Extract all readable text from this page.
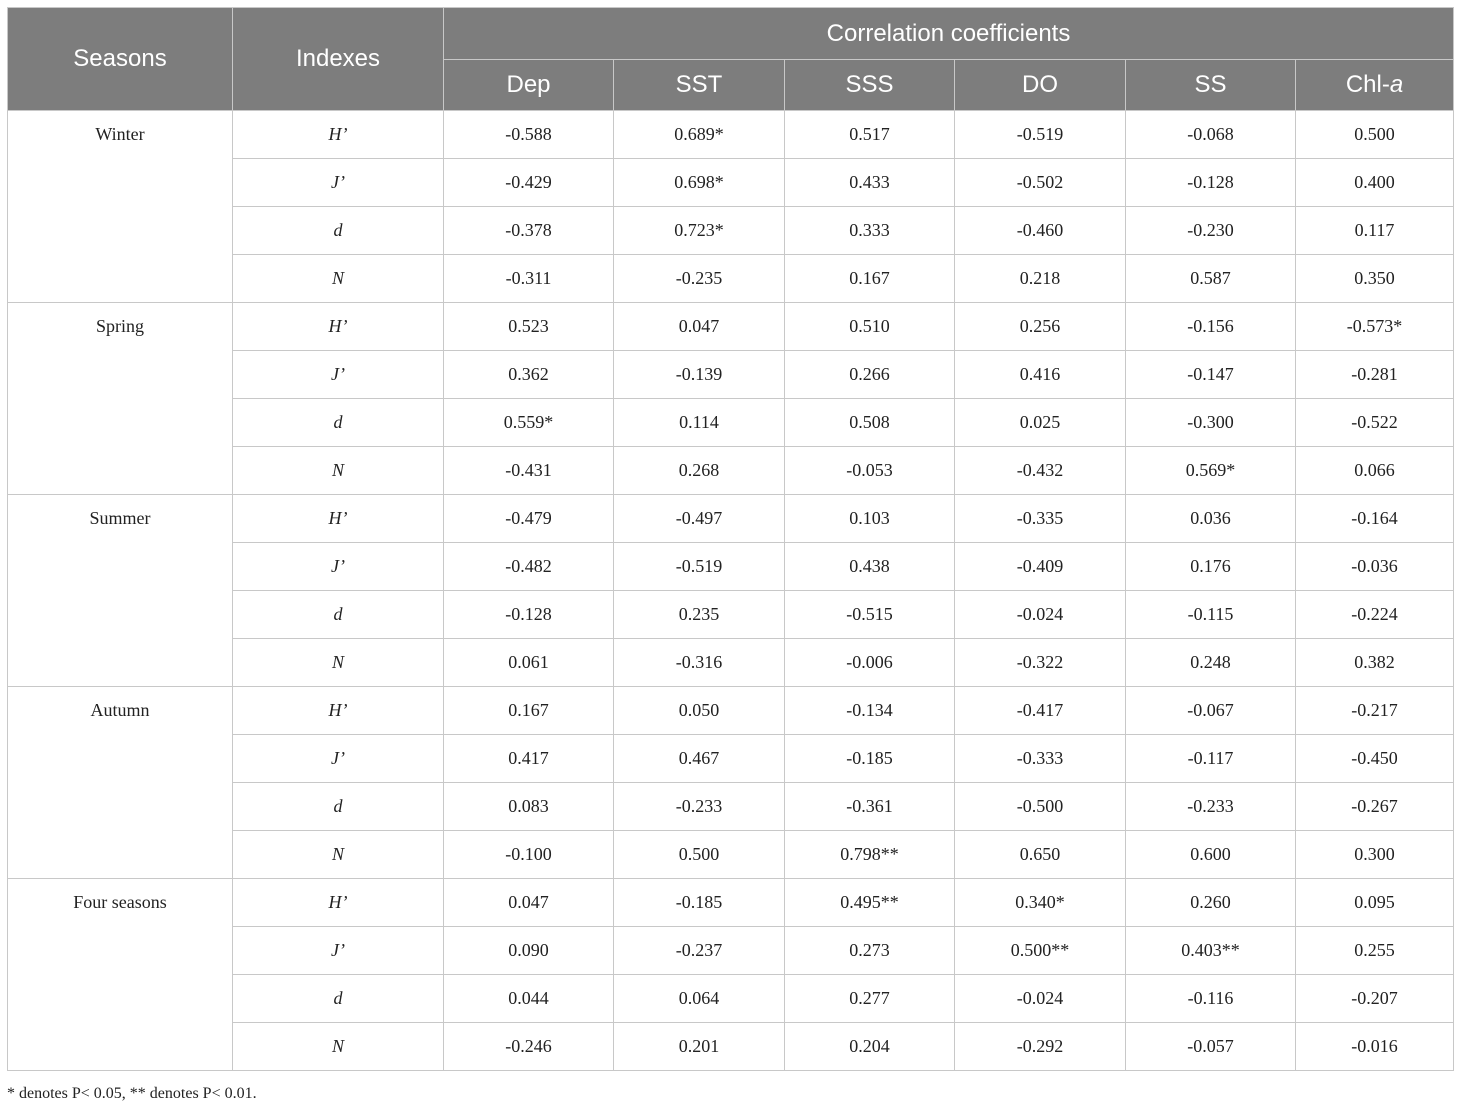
Seasons	Indexes	Correlation coefficients					
		Dep	SST	SSS	DO	SS	Chl-a
Winter	H’	-0.588	0.689*	0.517	-0.519	-0.068	0.500
	J’	-0.429	0.698*	0.433	-0.502	-0.128	0.400
	d	-0.378	0.723*	0.333	-0.460	-0.230	0.117
	N	-0.311	-0.235	0.167	0.218	0.587	0.350
Spring	H’	0.523	0.047	0.510	0.256	-0.156	-0.573*
	J’	0.362	-0.139	0.266	0.416	-0.147	-0.281
	d	0.559*	0.114	0.508	0.025	-0.300	-0.522
	N	-0.431	0.268	-0.053	-0.432	0.569*	0.066
Summer	H’	-0.479	-0.497	0.103	-0.335	0.036	-0.164
	J’	-0.482	-0.519	0.438	-0.409	0.176	-0.036
	d	-0.128	0.235	-0.515	-0.024	-0.115	-0.224
	N	0.061	-0.316	-0.006	-0.322	0.248	0.382
Autumn	H’	0.167	0.050	-0.134	-0.417	-0.067	-0.217
	J’	0.417	0.467	-0.185	-0.333	-0.117	-0.450
	d	0.083	-0.233	-0.361	-0.500	-0.233	-0.267
	N	-0.100	0.500	0.798**	0.650	0.600	0.300
Four seasons	H’	0.047	-0.185	0.495**	0.340*	0.260	0.095
	J’	0.090	-0.237	0.273	0.500**	0.403**	0.255
	d	0.044	0.064	0.277	-0.024	-0.116	-0.207
	N	-0.246	0.201	0.204	-0.292	-0.057	-0.016
* denotes P< 0.05, ** denotes P< 0.01.
